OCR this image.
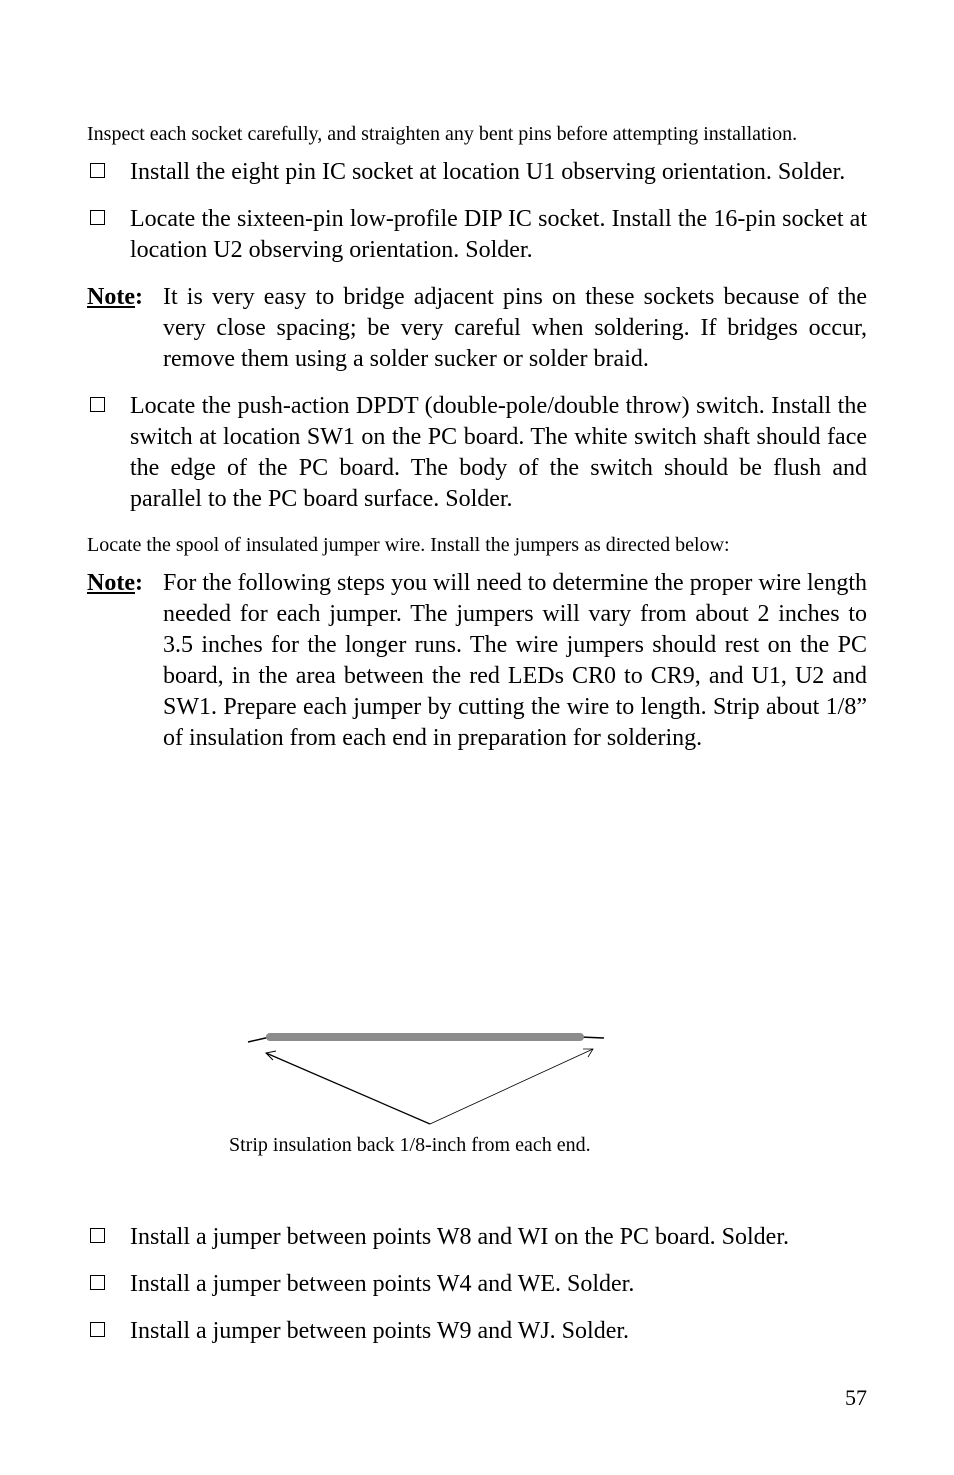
Inspect each socket carefully, and straighten any bent pins before attempting installation.

Install the eight pin IC socket at location U1 observing orientation. Solder.
Locate the sixteen-pin low-profile DIP IC socket. Install the 16-pin socket at location U2 observing orientation. Solder.
Note: It is very easy to bridge adjacent pins on these sockets because of the very close spacing; be very careful when soldering. If bridges occur, remove them using a solder sucker or solder braid.
Locate the push-action DPDT (double-pole/double throw) switch. Install the switch at location SW1 on the PC board. The white switch shaft should face the edge of the PC board. The body of the switch should be flush and parallel to the PC board surface. Solder.

Locate the spool of insulated jumper wire. Install the jumpers as directed below:

Note: For the following steps you will need to determine the proper wire length needed for each jumper. The jumpers will vary from about 2 inches to 3.5 inches for the longer runs. The wire jumpers should rest on the PC board, in the area between the red LEDs CR0 to CR9, and U1, U2 and SW1. Prepare each jumper by cutting the wire to length. Strip about 1/8” of insulation from each end in preparation for soldering.
Strip insulation back 1/8-inch from each end.
Install a jumper between points W8 and WI on the PC board. Solder.
Install a jumper between points W4 and WE. Solder.
Install a jumper between points W9 and WJ. Solder.
57
